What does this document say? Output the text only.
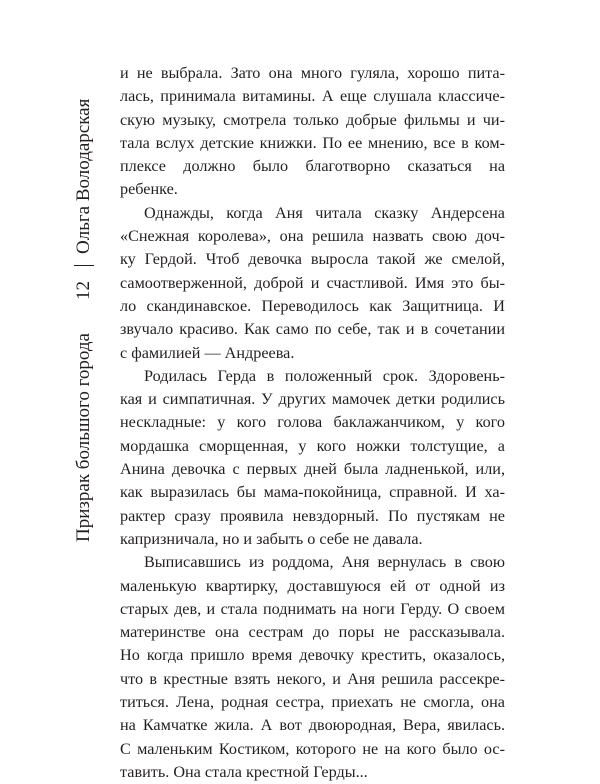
Ольга Володарская
12
Призрак большого города
и не выбрала. Зато она много гуляла, хорошо пита-
лась, принимала витамины. А еще слушала классиче-
скую музыку, смотрела только добрые фильмы и чи-
тала вслух детские книжки. По ее мнению, все в ком-
плексе должно было благотворно сказаться на
ребенке.
Однажды, когда Аня читала сказку Андерсена
«Снежная королева», она решила назвать свою доч-
ку Гердой. Чтоб девочка выросла такой же смелой,
самоотверженной, доброй и счастливой. Имя это бы-
ло скандинавское. Переводилось как Защитница. И
звучало красиво. Как само по себе, так и в сочетании
с фамилией — Андреева.
Родилась Герда в положенный срок. Здоровень-
кая и симпатичная. У других мамочек детки родились
нескладные: у кого голова баклажанчиком, у кого
мордашка сморщенная, у кого ножки толстущие, а
Анина девочка с первых дней была ладненькой, или,
как выразилась бы мама-покойница, справной. И ха-
рактер сразу проявила невздорный. По пустякам не
капризничала, но и забыть о себе не давала.
Выписавшись из роддома, Аня вернулась в свою
маленькую квартирку, доставшуюся ей от одной из
старых дев, и стала поднимать на ноги Герду. О своем
материнстве она сестрам до поры не рассказывала.
Но когда пришло время девочку крестить, оказалось,
что в крестные взять некого, и Аня решила рассекре-
титься. Лена, родная сестра, приехать не смогла, она
на Камчатке жила. А вот двоюродная, Вера, явилась.
С маленьким Костиком, которого не на кого было ос-
тавить. Она стала крестной Герды...
